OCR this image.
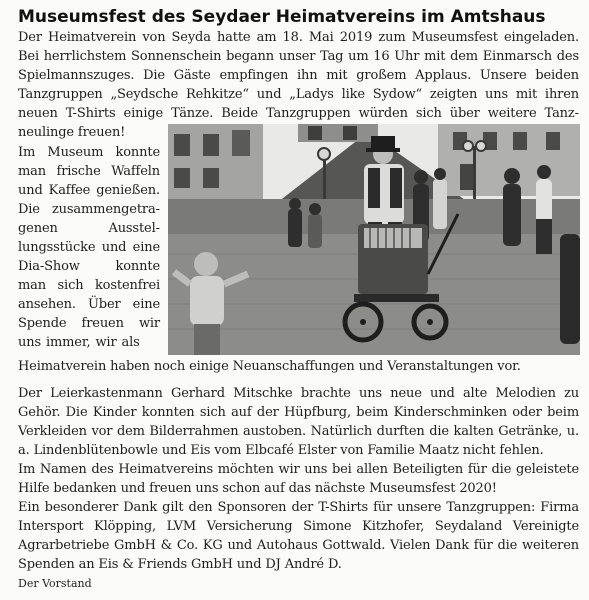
Museumsfest des Seydaer Heimatvereins im Amtshaus

Der Heimatverein von Seyda hatte am 18. Mai 2019 zum Museumsfest eingeladen. Bei herrlichstem Sonnenschein begann unser Tag um 16 Uhr mit dem Einmarsch des Spielmannszuges. Die Gäste empfingen ihn mit großem Applaus. Unsere beiden Tanzgruppen „Seydsche Rehkitze“ und „Ladys like Sydow“ zeigten uns mit ihren neuen T-Shirts einige Tänze. Beide Tanzgruppen würden sich über weitere Tanzneulinge freuen!

Im Museum konnte man frische Waffeln und Kaffee genießen. Die zusammengetragenen Ausstellungsstücke und eine Dia-Show konnte man sich kostenfrei ansehen. Über eine Spende freuen wir uns immer, wir als

Heimatverein haben noch einige Neuanschaffungen und Veranstaltungen vor.

Der Leierkastenmann Gerhard Mitschke brachte uns neue und alte Melodien zu Gehör. Die Kinder konnten sich auf der Hüpfburg, beim Kinderschminken oder beim Verkleiden vor dem Bilderrahmen austoben. Natürlich durften die kalten Getränke, u. a. Lindenblütenbowle und Eis vom Elbcafé Elster von Familie Maatz nicht fehlen.

Im Namen des Heimatvereins möchten wir uns bei allen Beteiligten für die geleistete Hilfe bedanken und freuen uns schon auf das nächste Museumsfest 2020!

Ein besonderer Dank gilt den Sponsoren der T-Shirts für unsere Tanzgruppen: Firma Intersport Klöpping, LVM Versicherung Simone Kitzhofer, Seydaland Vereinigte Agrarbetriebe GmbH & Co. KG und Autohaus Gottwald. Vielen Dank für die weiteren Spenden an Eis & Friends GmbH und DJ André D.

Der Vorstand
